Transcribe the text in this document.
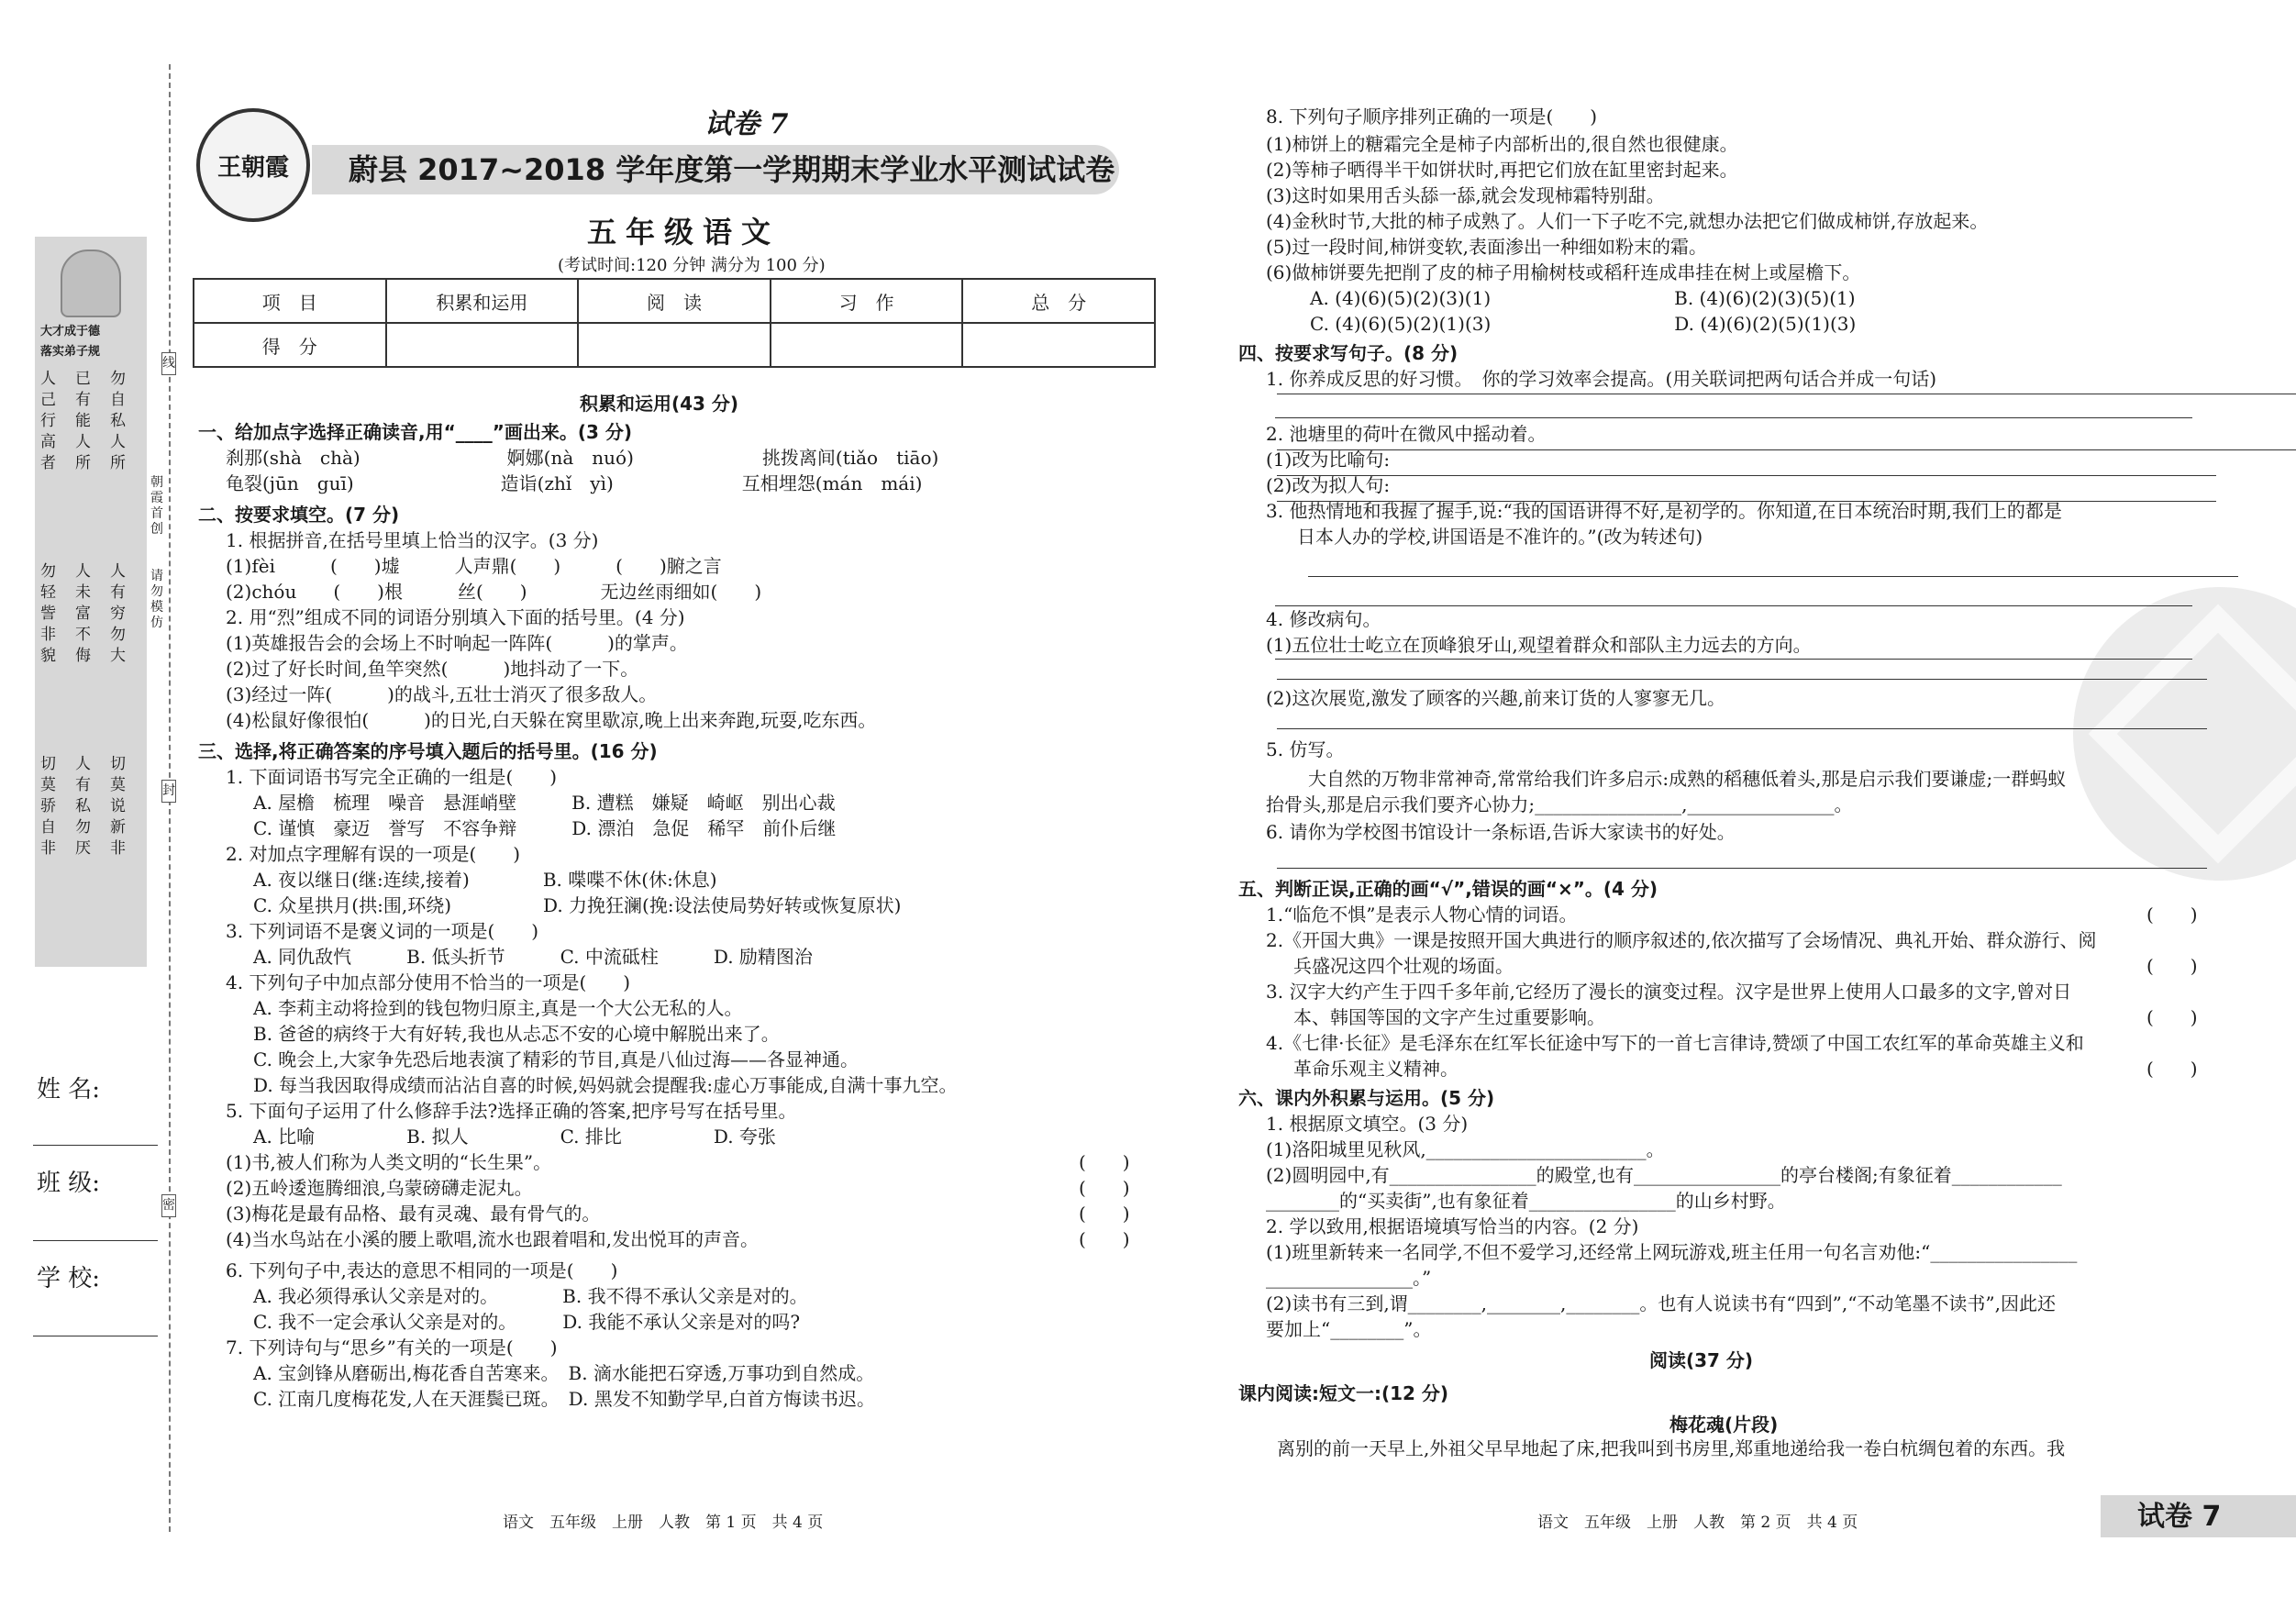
大才成于德
落实弟子规
人己行高者
已有能人所
勿自私人所
勿轻訾非貌
人未富不侮
人有穷勿大
切莫骄自非
人有私勿厌
切莫说新非
朝霞首创
请勿模仿
线
封
密
姓 名:
班 级:
学 校:
王朝霞
试卷 7
蔚县 2017~2018 学年度第一学期期末学业水平测试试卷
五年级语文
(考试时间:120 分钟 满分为 100 分)
项　目	积累和运用	阅　读	习　作	总　分
得　分				
语文　五年级　上册　人教　第 1 页　共 4 页	语文　五年级　上册　人教　第 2 页　共 4 页	试卷 7
积累和运用(43 分)
一、给加点字选择正确读音,用“____”画出来。(3 分)
刹那(shà　chà)　　　　　　　　婀娜(nà　nuó)　　　　　　　挑拨离间(tiǎo　tiāo)
龟裂(jūn　guī)　　　　　　　　造诣(zhǐ　yì)　　　　　　　互相埋怨(mán　mái)
二、按要求填空。(7 分)
1. 根据拼音,在括号里填上恰当的汉字。(3 分)
(1)fèi　　　(　　)墟　　　人声鼎(　　)　　　(　　)腑之言
(2)chóu　　(　　)根　　　丝(　　)　　　　无边丝雨细如(　　)
2. 用“烈”组成不同的词语分别填入下面的括号里。(4 分)
(1)英雄报告会的会场上不时响起一阵阵(　　　)的掌声。
(2)过了好长时间,鱼竿突然(　　　)地抖动了一下。
(3)经过一阵(　　　)的战斗,五壮士消灭了很多敌人。
(4)松鼠好像很怕(　　　)的日光,白天躲在窝里歇凉,晚上出来奔跑,玩耍,吃东西。
三、选择,将正确答案的序号填入题后的括号里。(16 分)
1. 下面词语书写完全正确的一组是(　　)
A. 屋檐　梳理　噪音　悬涯峭壁　　　B. 遭糕　嫌疑　崎岖　别出心裁
C. 谨慎　豪迈　誉写　不容争辩　　　D. 漂泊　急促　稀罕　前仆后继
2. 对加点字理解有误的一项是(　　)
A. 夜以继日(继:连续,接着)　　　　B. 喋喋不休(休:休息)
C. 众星拱月(拱:围,环绕)　　　　　D. 力挽狂澜(挽:设法使局势好转或恢复原状)
3. 下列词语不是褒义词的一项是(　　)
A. 同仇敌忾　　　B. 低头折节　　　C. 中流砥柱　　　D. 励精图治
4. 下列句子中加点部分使用不恰当的一项是(　　)
A. 李莉主动将捡到的钱包物归原主,真是一个大公无私的人。
B. 爸爸的病终于大有好转,我也从忐忑不安的心境中解脱出来了。
C. 晚会上,大家争先恐后地表演了精彩的节目,真是八仙过海——各显神通。
D. 每当我因取得成绩而沾沾自喜的时候,妈妈就会提醒我:虚心万事能成,自满十事九空。
5. 下面句子运用了什么修辞手法?选择正确的答案,把序号写在括号里。
A. 比喻　　　　　B. 拟人　　　　　C. 排比　　　　　D. 夸张
(1)书,被人们称为人类文明的“长生果”。	(　　)
(2)五岭逶迤腾细浪,乌蒙磅礴走泥丸。	(　　)
(3)梅花是最有品格、最有灵魂、最有骨气的。	(　　)
(4)当水鸟站在小溪的腰上歌唱,流水也跟着唱和,发出悦耳的声音。	(　　)
6. 下列句子中,表达的意思不相同的一项是(　　)
A. 我必须得承认父亲是对的。　　　　B. 我不得不承认父亲是对的。
C. 我不一定会承认父亲是对的。　　　D. 我能不承认父亲是对的吗?
7. 下列诗句与“思乡”有关的一项是(　　)
A. 宝剑锋从磨砺出,梅花香自苦寒来。　B. 滴水能把石穿透,万事功到自然成。
C. 江南几度梅花发,人在天涯鬓已斑。　D. 黑发不知勤学早,白首方悔读书迟。
8. 下列句子顺序排列正确的一项是(　　)
(1)柿饼上的糖霜完全是柿子内部析出的,很自然也很健康。
(2)等柿子晒得半干如饼状时,再把它们放在缸里密封起来。
(3)这时如果用舌头舔一舔,就会发现柿霜特别甜。
(4)金秋时节,大批的柿子成熟了。人们一下子吃不完,就想办法把它们做成柿饼,存放起来。
(5)过一段时间,柿饼变软,表面渗出一种细如粉末的霜。
(6)做柿饼要先把削了皮的柿子用榆树枝或稻秆连成串挂在树上或屋檐下。
A. (4)(6)(5)(2)(3)(1)　　　　　　　　　　B. (4)(6)(2)(3)(5)(1)
C. (4)(6)(5)(2)(1)(3)　　　　　　　　　　D. (4)(6)(2)(5)(1)(3)
四、按要求写句子。(8 分)
1. 你养成反思的好习惯。　你的学习效率会提高。(用关联词把两句话合并成一句话)
2. 池塘里的荷叶在微风中摇动着。
(1)改为比喻句:
(2)改为拟人句:
3. 他热情地和我握了握手,说:“我的国语讲得不好,是初学的。你知道,在日本统治时期,我们上的都是
日本人办的学校,讲国语是不准许的。”(改为转述句)
4. 修改病句。
(1)五位壮士屹立在顶峰狼牙山,观望着群众和部队主力远去的方向。
(2)这次展览,激发了顾客的兴趣,前来订货的人寥寥无几。
5. 仿写。
大自然的万物非常神奇,常常给我们许多启示:成熟的稻穗低着头,那是启示我们要谦虚;一群蚂蚁
抬骨头,那是启示我们要齐心协力;________________,________________。
6. 请你为学校图书馆设计一条标语,告诉大家读书的好处。
五、判断正误,正确的画“√”,错误的画“×”。(4 分)
1.“临危不惧”是表示人物心情的词语。	(　　)
2.《开国大典》一课是按照开国大典进行的顺序叙述的,依次描写了会场情况、典礼开始、群众游行、阅
兵盛况这四个壮观的场面。	(　　)
3. 汉字大约产生于四千多年前,它经历了漫长的演变过程。汉字是世界上使用人口最多的文字,曾对日
本、韩国等国的文字产生过重要影响。	(　　)
4.《七律·长征》是毛泽东在红军长征途中写下的一首七言律诗,赞颂了中国工农红军的革命英雄主义和
革命乐观主义精神。	(　　)
六、课内外积累与运用。(5 分)
1. 根据原文填空。(3 分)
(1)洛阳城里见秋风,________________________。
(2)圆明园中,有________________的殿堂,也有________________的亭台楼阁;有象征着____________
________的“买卖街”,也有象征着________________的山乡村野。
2. 学以致用,根据语境填写恰当的内容。(2 分)
(1)班里新转来一名同学,不但不爱学习,还经常上网玩游戏,班主任用一句名言劝他:“________________
________________。”
(2)读书有三到,谓________,________,________。也有人说读书有“四到”,“不动笔墨不读书”,因此还
要加上“________”。
阅读(37 分)
课内阅读:短文一:(12 分)
梅花魂(片段)
离别的前一天早上,外祖父早早地起了床,把我叫到书房里,郑重地递给我一卷白杭绸包着的东西。我
